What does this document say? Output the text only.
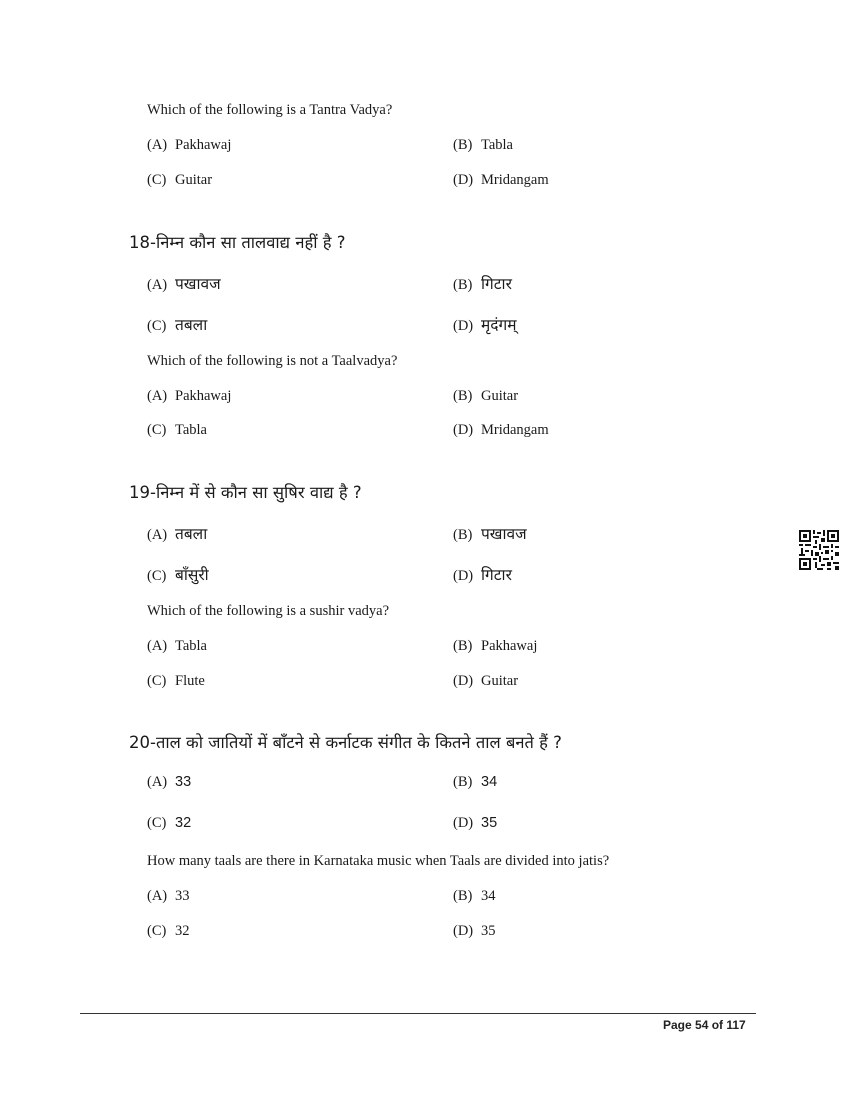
Which of the following is a Tantra Vadya?
(A) Pakhawaj	(B) Tabla
(C) Guitar	(D) Mridangam
18-निम्न कौन सा तालवाद्य नहीं है ?
(A) पखावज	(B) गिटार
(C) तबला	(D) मृदंगम्
Which of the following is not a Taalvadya?
(A) Pakhawaj	(B) Guitar
(C) Tabla	(D) Mridangam
19-निम्न में से कौन सा सुषिर वाद्य है ?
(A) तबला	(B) पखावज
(C) बाँसुरी	(D) गिटार
Which of the following is a sushir vadya?
(A) Tabla	(B) Pakhawaj
(C) Flute	(D) Guitar
20-ताल को जातियों में बाँटने से कर्नाटक संगीत के कितने ताल बनते हैं ?
(A) 33	(B) 34
(C) 32	(D) 35
How many taals are there in Karnataka music when Taals are divided into jatis?
(A) 33	(B) 34
(C) 32	(D) 35
Page 54 of 117
